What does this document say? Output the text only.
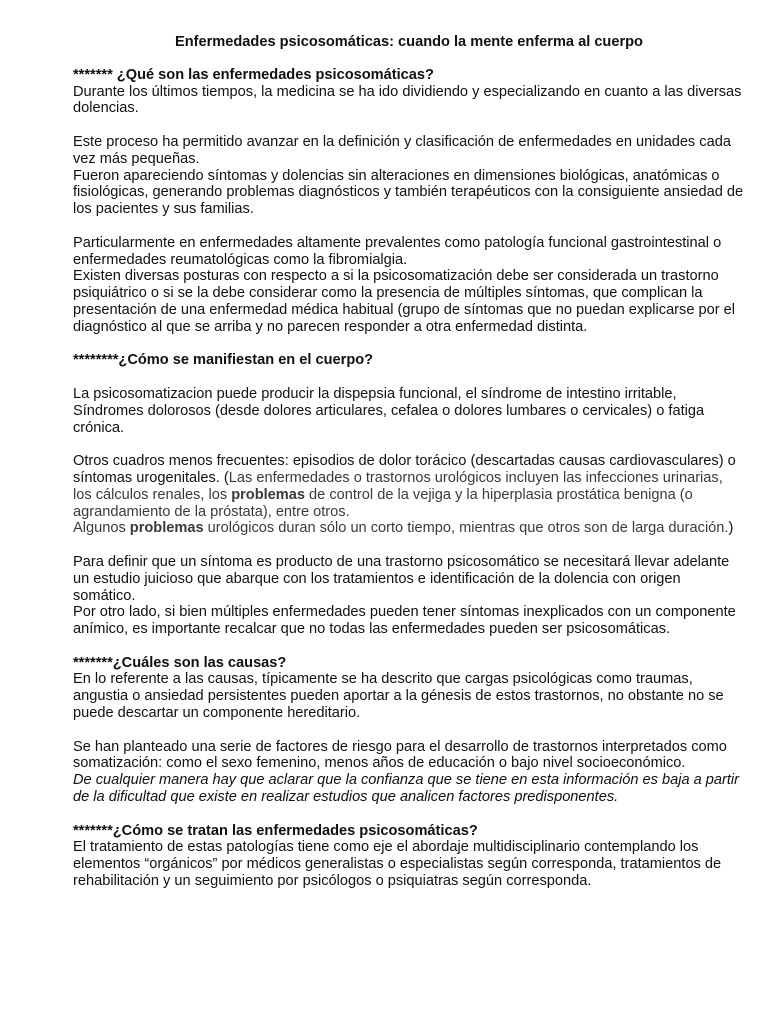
Enfermedades psicosomáticas: cuando la mente enferma al cuerpo

******* ¿Qué son las enfermedades psicosomáticas?

Durante los últimos tiempos, la medicina se ha ido dividiendo y especializando en cuanto a las diversas dolencias.

Este proceso ha permitido avanzar en la definición y clasificación de enfermedades en unidades cada vez más pequeñas.

Fueron apareciendo síntomas y dolencias sin alteraciones en dimensiones biológicas, anatómicas o fisiológicas, generando problemas diagnósticos y también terapéuticos con la consiguiente ansiedad de los pacientes y sus familias.

Particularmente en enfermedades altamente prevalentes como patología funcional gastrointestinal o enfermedades reumatológicas como la fibromialgia.

Existen diversas posturas con respecto a si la psicosomatización debe ser considerada un trastorno psiquiátrico o si se la debe considerar como la presencia de múltiples síntomas, que complican la presentación de una enfermedad médica habitual (grupo de síntomas que no puedan explicarse por el diagnóstico al que se arriba y no parecen responder a otra enfermedad distinta.

********¿Cómo se manifiestan en el cuerpo?

La psicosomatizacion puede producir la dispepsia funcional, el síndrome de intestino irritable, Síndromes dolorosos (desde dolores articulares, cefalea o dolores lumbares o cervicales) o fatiga crónica.

Otros cuadros menos frecuentes: episodios de dolor torácico (descartadas causas cardiovasculares) o síntomas urogenitales. (Las enfermedades o trastornos urológicos incluyen las infecciones urinarias, los cálculos renales, los problemas de control de la vejiga y la hiperplasia prostática benigna (o agrandamiento de la próstata), entre otros.

Algunos problemas urológicos duran sólo un corto tiempo, mientras que otros son de larga duración.)

Para definir que un síntoma es producto de una trastorno psicosomático se necesitará llevar adelante un estudio juicioso que abarque con los tratamientos e identificación de la dolencia con origen somático.

Por otro lado, si bien múltiples enfermedades pueden tener síntomas inexplicados con un componente anímico, es importante recalcar que no todas las enfermedades pueden ser psicosomáticas.

*******¿Cuáles son las causas?

En lo referente a las causas, típicamente se ha descrito que cargas psicológicas como traumas, angustia o ansiedad persistentes pueden aportar a la génesis de estos trastornos, no obstante no se puede descartar un componente hereditario.

Se han planteado una serie de factores de riesgo para el desarrollo de trastornos interpretados como somatización: como el sexo femenino, menos años de educación o bajo nivel socioeconómico.

De cualquier manera hay que aclarar que la confianza que se tiene en esta información es baja a partir de la dificultad que existe en realizar estudios que analicen factores predisponentes.

*******¿Cómo se tratan las enfermedades psicosomáticas?

El tratamiento de estas patologías tiene como eje el abordaje multidisciplinario contemplando los elementos “orgánicos” por médicos generalistas o especialistas según corresponda, tratamientos de rehabilitación y un seguimiento por psicólogos o psiquiatras según corresponda.
